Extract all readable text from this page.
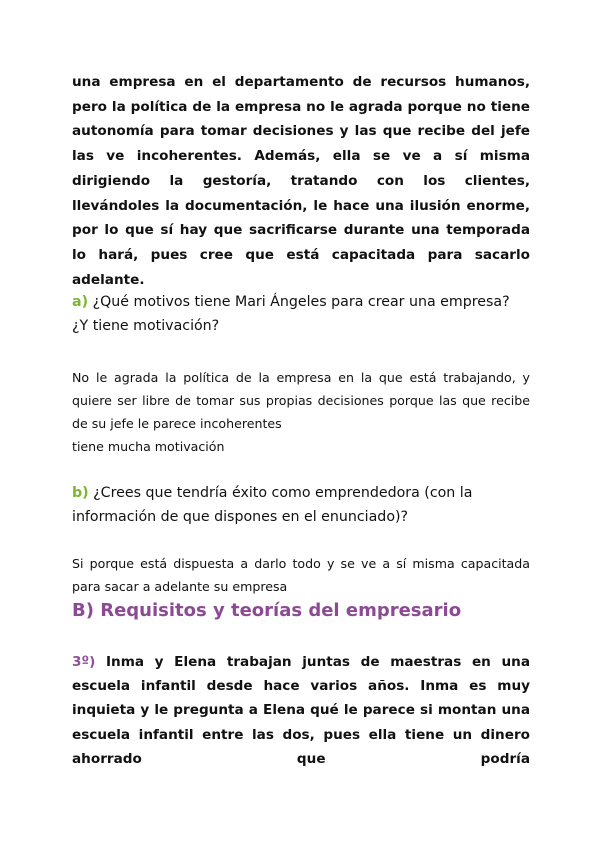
una empresa en el departamento de recursos humanos, pero la política de la empresa no le agrada porque no tiene autonomía para tomar decisiones y las que recibe del jefe las ve incoherentes. Además, ella se ve a sí misma dirigiendo la gestoría, tratando con los clientes, llevándoles la documentación, le hace una ilusión enorme, por lo que sí hay que sacrificarse durante una temporada lo hará, pues cree que está capacitada para sacarlo adelante.

a) ¿Qué motivos tiene Mari Ángeles para crear una empresa? ¿Y tiene motivación?

No le agrada la política de la empresa en la que está trabajando, y quiere ser libre de tomar sus propias decisiones porque las que recibe de su jefe le parece incoherentes
tiene mucha motivación

b) ¿Crees que tendría éxito como emprendedora (con la información de que dispones en el enunciado)?

Si porque está dispuesta a darlo todo y se ve a sí misma capacitada para sacar a adelante su empresa

B) Requisitos y teorías del empresario

3º) Inma y Elena trabajan juntas de maestras en una escuela infantil desde hace varios años. Inma es muy inquieta y le pregunta a Elena qué le parece si montan una escuela infantil entre las dos, pues ella tiene un dinero ahorrado que podría
